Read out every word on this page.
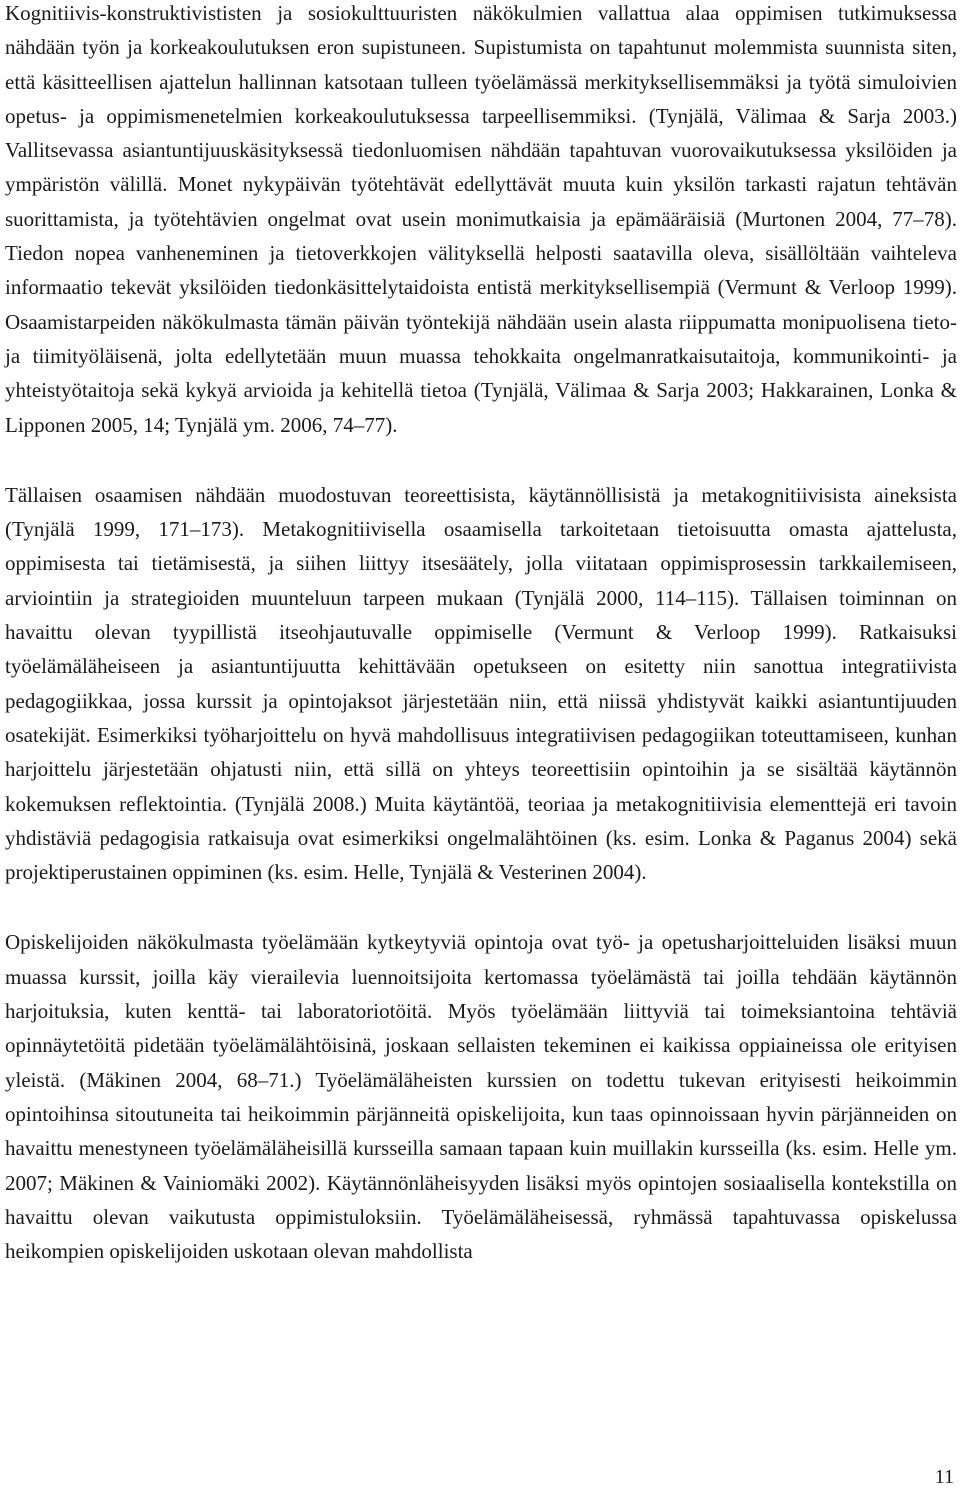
Kognitiivis-konstruktivististen ja sosiokulttuuristen näkökulmien vallattua alaa oppimisen tutkimuksessa nähdään työn ja korkeakoulutuksen eron supistuneen. Supistumista on tapahtunut molemmista suunnista siten, että käsitteellisen ajattelun hallinnan katsotaan tulleen työelämässä merkityksellisemmäksi ja työtä simuloivien opetus- ja oppimismenetelmien korkeakoulutuksessa tarpeellisemmiksi. (Tynjälä, Välimaa & Sarja 2003.) Vallitsevassa asiantuntijuuskäsityksessä tiedonluomisen nähdään tapahtuvan vuorovaikutuksessa yksilöiden ja ympäristön välillä. Monet nykypäivän työtehtävät edellyttävät muuta kuin yksilön tarkasti rajatun tehtävän suorittamista, ja työtehtävien ongelmat ovat usein monimutkaisia ja epämääräisiä (Murtonen 2004, 77–78). Tiedon nopea vanheneminen ja tietoverkkojen välityksellä helposti saatavilla oleva, sisällöltään vaihteleva informaatio tekevät yksilöiden tiedonkäsittelytaidoista entistä merkityksellisempiä (Vermunt & Verloop 1999). Osaamistarpeiden näkökulmasta tämän päivän työntekijä nähdään usein alasta riippumatta monipuolisena tieto- ja tiimityöläisenä, jolta edellytetään muun muassa tehokkaita ongelmanratkaisutaitoja, kommunikointi- ja yhteistyötaitoja sekä kykyä arvioida ja kehitellä tietoa (Tynjälä, Välimaa & Sarja 2003; Hakkarainen, Lonka & Lipponen 2005, 14; Tynjälä ym. 2006, 74–77).

Tällaisen osaamisen nähdään muodostuvan teoreettisista, käytännöllisistä ja metakognitiivisista aineksista (Tynjälä 1999, 171–173). Metakognitiivisella osaamisella tarkoitetaan tietoisuutta omasta ajattelusta, oppimisesta tai tietämisestä, ja siihen liittyy itsesäätely, jolla viitataan oppimisprosessin tarkkailemiseen, arviointiin ja strategioiden muunteluun tarpeen mukaan (Tynjälä 2000, 114–115). Tällaisen toiminnan on havaittu olevan tyypillistä itseohjautuvalle oppimiselle (Vermunt & Verloop 1999). Ratkaisuksi työelämäläheiseen ja asiantuntijuutta kehittävään opetukseen on esitetty niin sanottua integratiivista pedagogiikkaa, jossa kurssit ja opintojaksot järjestetään niin, että niissä yhdistyvät kaikki asiantuntijuuden osatekijät. Esimerkiksi työharjoittelu on hyvä mahdollisuus integratiivisen pedagogiikan toteuttamiseen, kunhan harjoittelu järjestetään ohjatusti niin, että sillä on yhteys teoreettisiin opintoihin ja se sisältää käytännön kokemuksen reflektointia. (Tynjälä 2008.) Muita käytäntöä, teoriaa ja metakognitiivisia elementtejä eri tavoin yhdistäviä pedagogisia ratkaisuja ovat esimerkiksi ongelmalähtöinen (ks. esim. Lonka & Paganus 2004) sekä projektiperustainen oppiminen (ks. esim. Helle, Tynjälä & Vesterinen 2004).

Opiskelijoiden näkökulmasta työelämään kytkeytyviä opintoja ovat työ- ja opetusharjoitteluiden lisäksi muun muassa kurssit, joilla käy vierailevia luennoitsijoita kertomassa työelämästä tai joilla tehdään käytännön harjoituksia, kuten kenttä- tai laboratoriotöitä. Myös työelämään liittyviä tai toimeksiantoina tehtäviä opinnäytetöitä pidetään työelämälähtöisinä, joskaan sellaisten tekeminen ei kaikissa oppiaineissa ole erityisen yleistä. (Mäkinen 2004, 68–71.) Työelämäläheisten kurssien on todettu tukevan erityisesti heikoimmin opintoihinsa sitoutuneita tai heikoimmin pärjänneitä opiskelijoita, kun taas opinnoissaan hyvin pärjänneiden on havaittu menestyneen työelämäläheisillä kursseilla samaan tapaan kuin muillakin kursseilla (ks. esim. Helle ym. 2007; Mäkinen & Vainiomäki 2002). Käytännönläheisyyden lisäksi myös opintojen sosiaalisella kontekstilla on havaittu olevan vaikutusta oppimistuloksiin. Työelämäläheisessä, ryhmässä tapahtuvassa opiskelussa heikompien opiskelijoiden uskotaan olevan mahdollista

11
